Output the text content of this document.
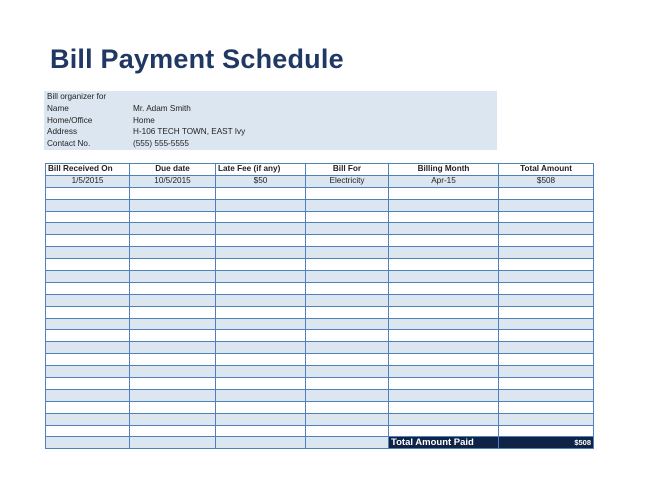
Bill Payment Schedule
Bill organizer for
Name	Mr. Adam Smith
Home/Office	Home
Address	H-106 TECH TOWN, EAST Ivy
Contact No.	(555) 555-5555
Bill Received On	Due date	Late Fee (if any)	Bill For	Billing Month	Total Amount
1/5/2015	10/5/2015	$50	Electricity	Apr-15	$508

				Total Amount Paid	$508
